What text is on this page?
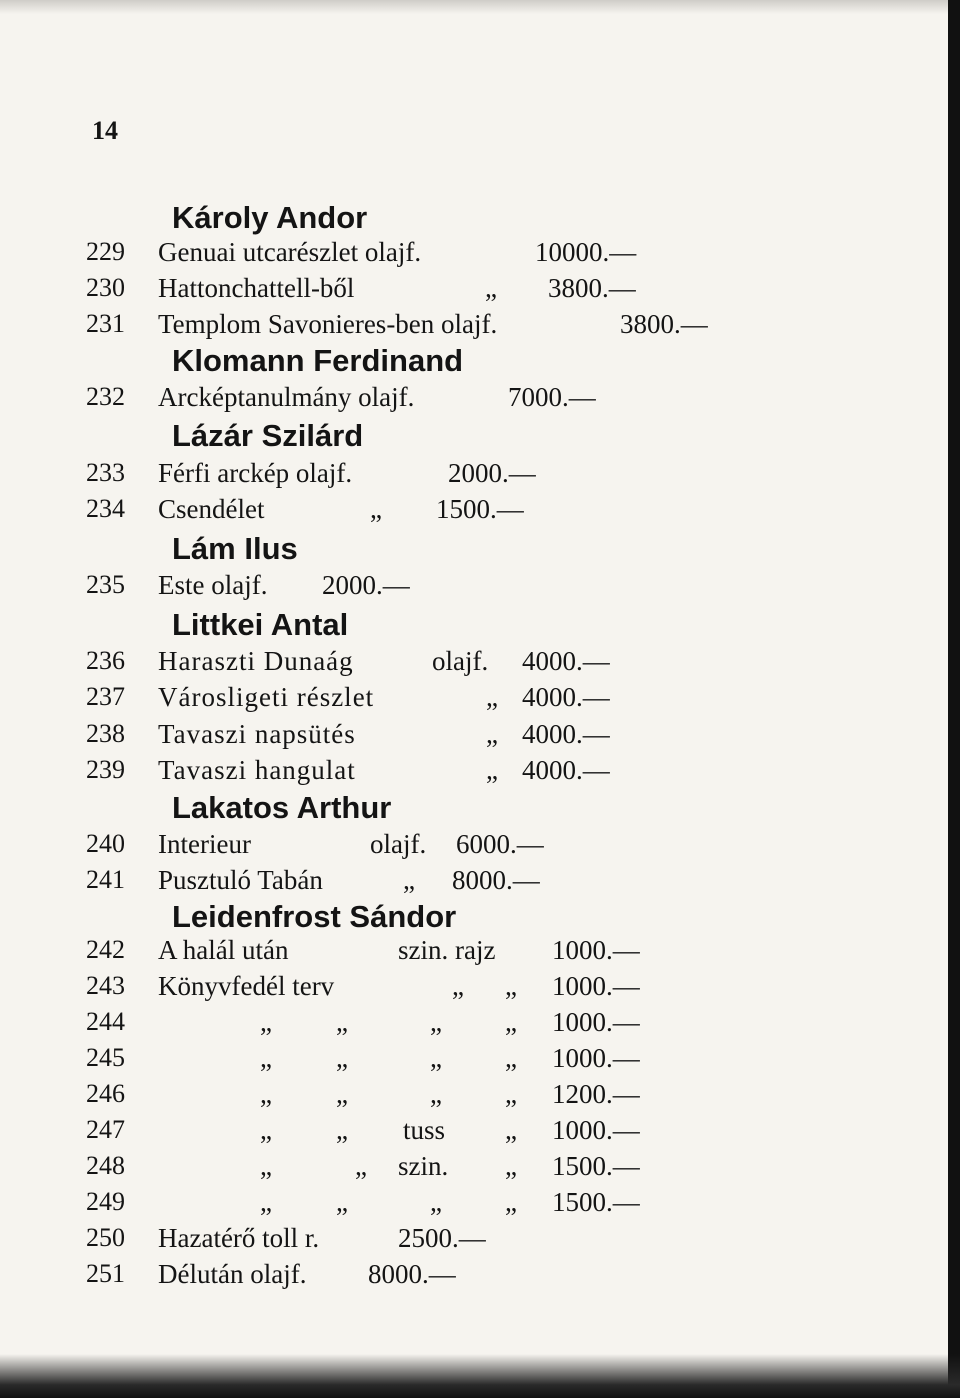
14
Károly Andor
229 Genuai utcarészlet olajf.	10000.—
230 Hattonchattell-ből	„ 3800.—
231 Templom Savonieres-ben olajf.	3800.—
Klomann Ferdinand
232 Arcképtanulmány olajf.	7000.—
Lázár Szilárd
233 Férfi arckép olajf.	2000.—
234 Csendélet	„ 1500.—
Lám Ilus
235 Este olajf. 2000.—
Littkei Antal
236 Haraszti Dunaág	olajf. 4000.—
237 Városligeti részlet	„ 4000.—
238 Tavaszi napsütés	„ 4000.—
239 Tavaszi hangulat	„ 4000.—
Lakatos Arthur
240 Interieur	olajf. 6000.—
241 Pusztuló Tabán	„ 8000.—
Leidenfrost Sándor
242 A halál után	szin. rajz 1000.—
243 Könyvfedél terv	„ „ 1000.—
244	„ „	„ „ 1000.—
245	„ „	„ „ 1000.—
246	„ „	„ „ 1200.—
247	„ „ tuss „ 1000.—
248	„	„ szin. „ 1500.—
249	„ „	„ „ 1500.—
250 Hazatérő toll r.	2500.—
251 Délután olajf. 8000.—
